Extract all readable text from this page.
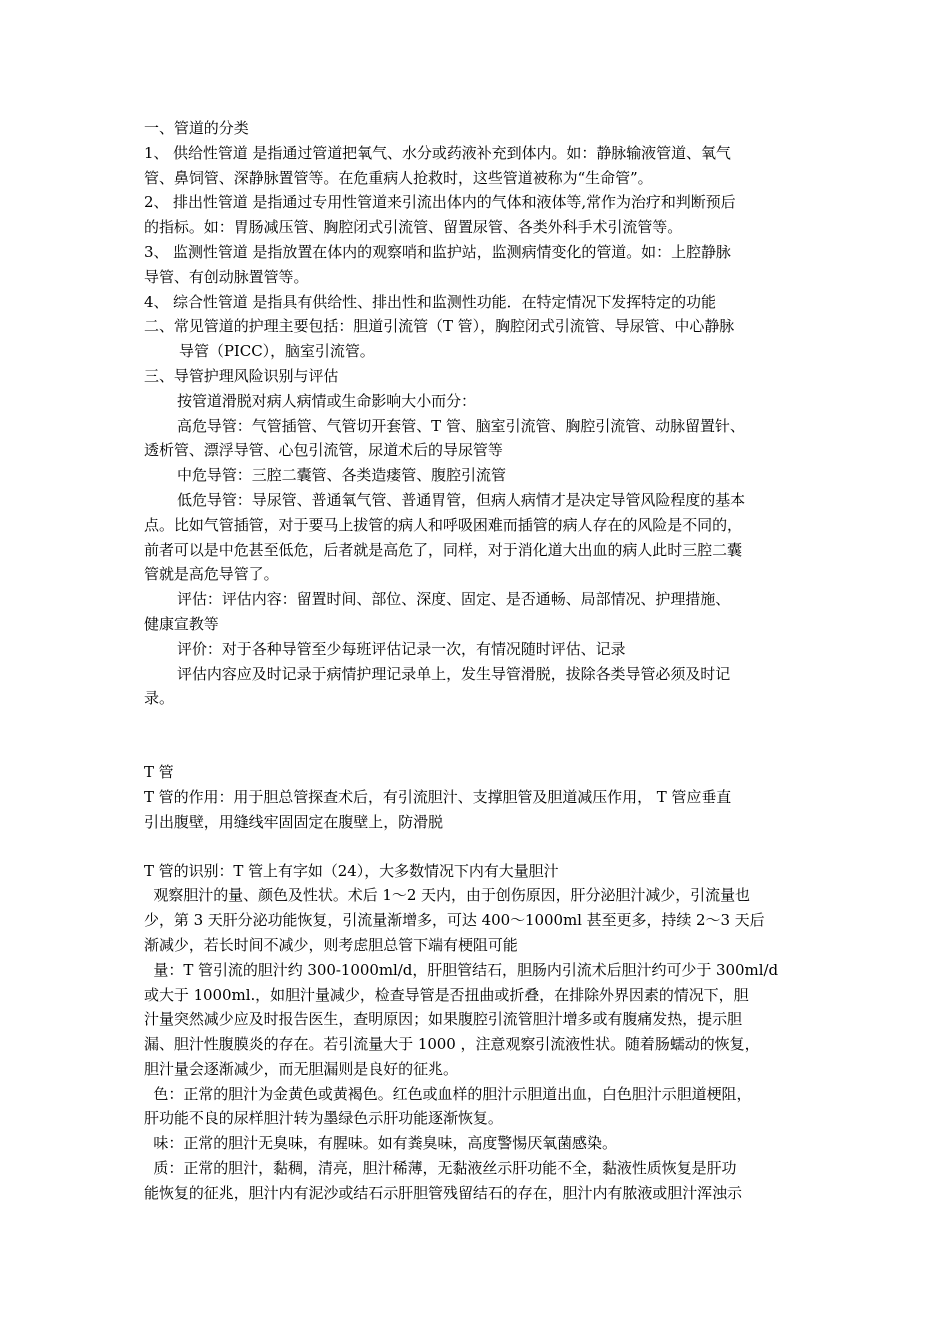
一、管道的分类

1、 供给性管道 是指通过管道把氧气、水分或药液补充到体内。如：静脉输液管道、氧气

管、鼻饲管、深静脉置管等。在危重病人抢救时，这些管道被称为“生命管”。

2、 排出性管道 是指通过专用性管道来引流出体内的气体和液体等,常作为治疗和判断预后

的指标。如：胃肠减压管、胸腔闭式引流管、留置尿管、各类外科手术引流管等。

3、 监测性管道 是指放置在体内的观察哨和监护站，监测病情变化的管道。如：上腔静脉

导管、有创动脉置管等。

4、 综合性管道 是指具有供给性、排出性和监测性功能．在特定情况下发挥特定的功能

二、常见管道的护理主要包括：胆道引流管（T 管），胸腔闭式引流管、导尿管、中心静脉

导管（PICC），脑室引流管。

三、导管护理风险识别与评估

按管道滑脱对病人病情或生命影响大小而分：

高危导管：气管插管、气管切开套管、T 管、脑室引流管、胸腔引流管、动脉留置针、

透析管、漂浮导管、心包引流管，尿道术后的导尿管等

中危导管：三腔二囊管、各类造瘘管、腹腔引流管

低危导管：导尿管、普通氧气管、普通胃管，但病人病情才是决定导管风险程度的基本

点。比如气管插管，对于要马上拔管的病人和呼吸困难而插管的病人存在的风险是不同的，

前者可以是中危甚至低危，后者就是高危了，同样，对于消化道大出血的病人此时三腔二囊

管就是高危导管了。

评估：评估内容：留置时间、部位、深度、固定、是否通畅、局部情况、护理措施、

健康宣教等

评价：对于各种导管至少每班评估记录一次，有情况随时评估、记录

评估内容应及时记录于病情护理记录单上，发生导管滑脱，拔除各类导管必须及时记

录。

T 管

T 管的作用：用于胆总管探查术后，有引流胆汁、支撑胆管及胆道减压作用， T 管应垂直

引出腹壁，用缝线牢固固定在腹壁上，防滑脱

T 管的识别：T 管上有字如（24），大多数情况下内有大量胆汁

观察胆汁的量、颜色及性状。术后 1～2 天内，由于创伤原因，肝分泌胆汁减少，引流量也

少，第 3 天肝分泌功能恢复，引流量渐增多，可达 400～1000ml 甚至更多，持续 2～3 天后

渐减少，若长时间不减少，则考虑胆总管下端有梗阻可能

量：T 管引流的胆汁约 300-1000ml/d，肝胆管结石，胆肠内引流术后胆汁约可少于 300ml/d

或大于 1000ml.，如胆汁量减少，检查导管是否扭曲或折叠，在排除外界因素的情况下，胆

汁量突然减少应及时报告医生，查明原因；如果腹腔引流管胆汁增多或有腹痛发热，提示胆

漏、胆汁性腹膜炎的存在。若引流量大于 1000 ，注意观察引流液性状。随着肠蠕动的恢复，

胆汁量会逐渐减少，而无胆漏则是良好的征兆。

色：正常的胆汁为金黄色或黄褐色。红色或血样的胆汁示胆道出血，白色胆汁示胆道梗阻，

肝功能不良的尿样胆汁转为墨绿色示肝功能逐渐恢复。

味：正常的胆汁无臭味，有腥味。如有粪臭味，高度警惕厌氧菌感染。

质：正常的胆汁，黏稠，清亮，胆汁稀薄，无黏液丝示肝功能不全，黏液性质恢复是肝功

能恢复的征兆，胆汁内有泥沙或结石示肝胆管残留结石的存在，胆汁内有脓液或胆汁浑浊示
